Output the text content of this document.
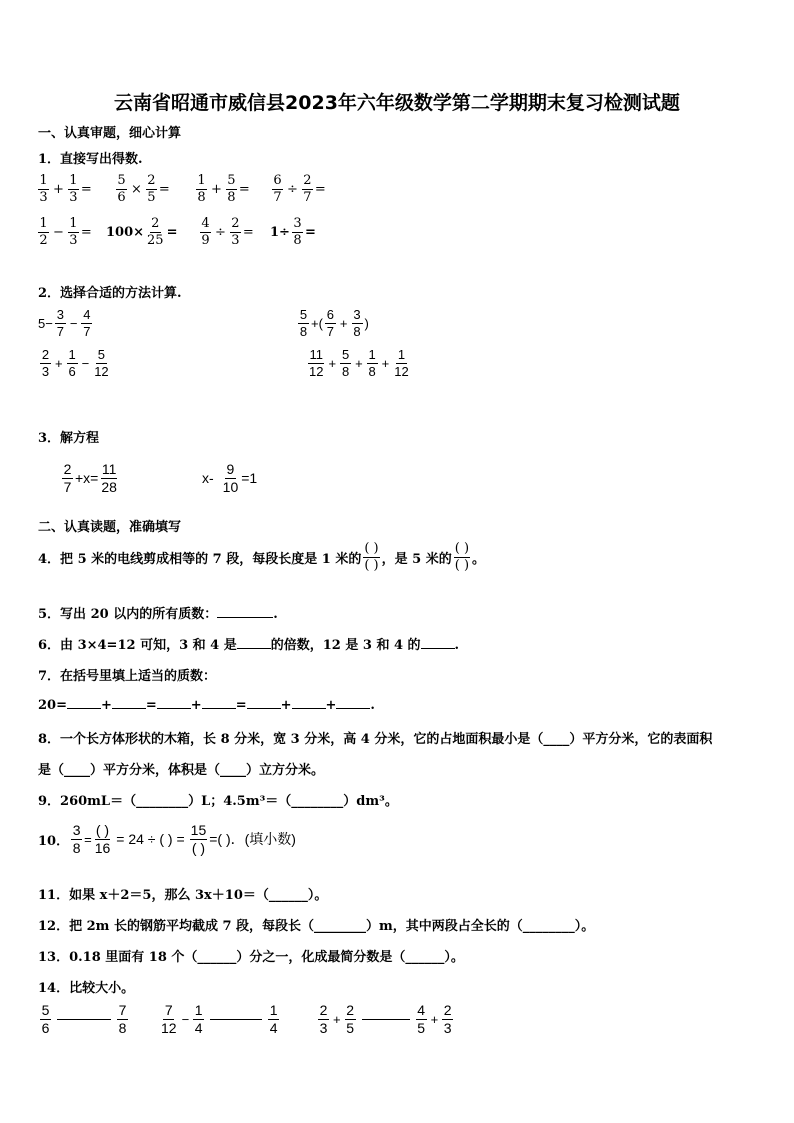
云南省昭通市威信县2023年六年级数学第二学期期末复习检测试题
一、认真审题，细心计算
1．直接写出得数.
$\frac{1}{3} + \frac{1}{3} = \frac{5}{6} \times \frac{2}{5} = \frac{1}{8} + \frac{5}{8} = \frac{6}{7} \div \frac{2}{7}$ =
$\frac{1}{2} - \frac{1}{3} = 100\times \frac{2}{25} = \frac{4}{9} \div \frac{2}{3} = 1\div \frac{3}{8}$ =
2．选择合适的方法计算.
$5- \frac{3}{7} - \frac{4}{7}$	$\frac{5}{8}$ +( $\frac{6}{7} + \frac{3}{8}$ )
$\frac{2}{3} + \frac{1}{6} - \frac{5}{12}$	$\frac{11}{12} + \frac{5}{8} + \frac{1}{8} + \frac{1}{12}$
3．解方程
$\frac{2}{7} +x= \frac{11}{28}$	$x- \frac{9}{10} =1$
二、认真读题，准确填写
4．把 5 米的电线剪成相等的 7 段，每段长度是 1 米的 $\frac{( )}{( )}$ ，是 5 米的 $\frac{( )}{( )}$ 。
5．写出 20 以内的所有质数：	.
6．由 3×4=12 可知，3 和 4 是	的倍数，12 是 3 和 4 的	.
7．在括号里填上适当的质数：
20=	+	=	+	=	+	+	.
8．一个长方体形状的木箱，长 8 分米，宽 3 分米，高 4 分米，它的占地面积最小是（____）平方分米，它的表面积
是（____）平方分米，体积是（____）立方分米。
9．260mL＝（________）L；4.5m³＝（________）dm³。
10． $\frac{3}{8} = \frac{( )}{16} = 24$ ÷ ( ) = $\frac{15}{( )}$ =( )．(填小数)
11．如果 x＋2＝5，那么 3x＋10＝（______）。
12．把 2m 长的钢筋平均截成 7 段，每段长（________）m，其中两段占全长的（________）。
13．0.18 里面有 18 个（______）分之一，化成最简分数是（______）。
14．比较大小。
$\frac{5}{6}$	$\frac{7}{8} \frac{7}{12} - \frac{1}{4}$	$\frac{1}{4}$	$\frac{2}{3} + \frac{2}{5}$	$\frac{4}{5} + \frac{2}{3}$
